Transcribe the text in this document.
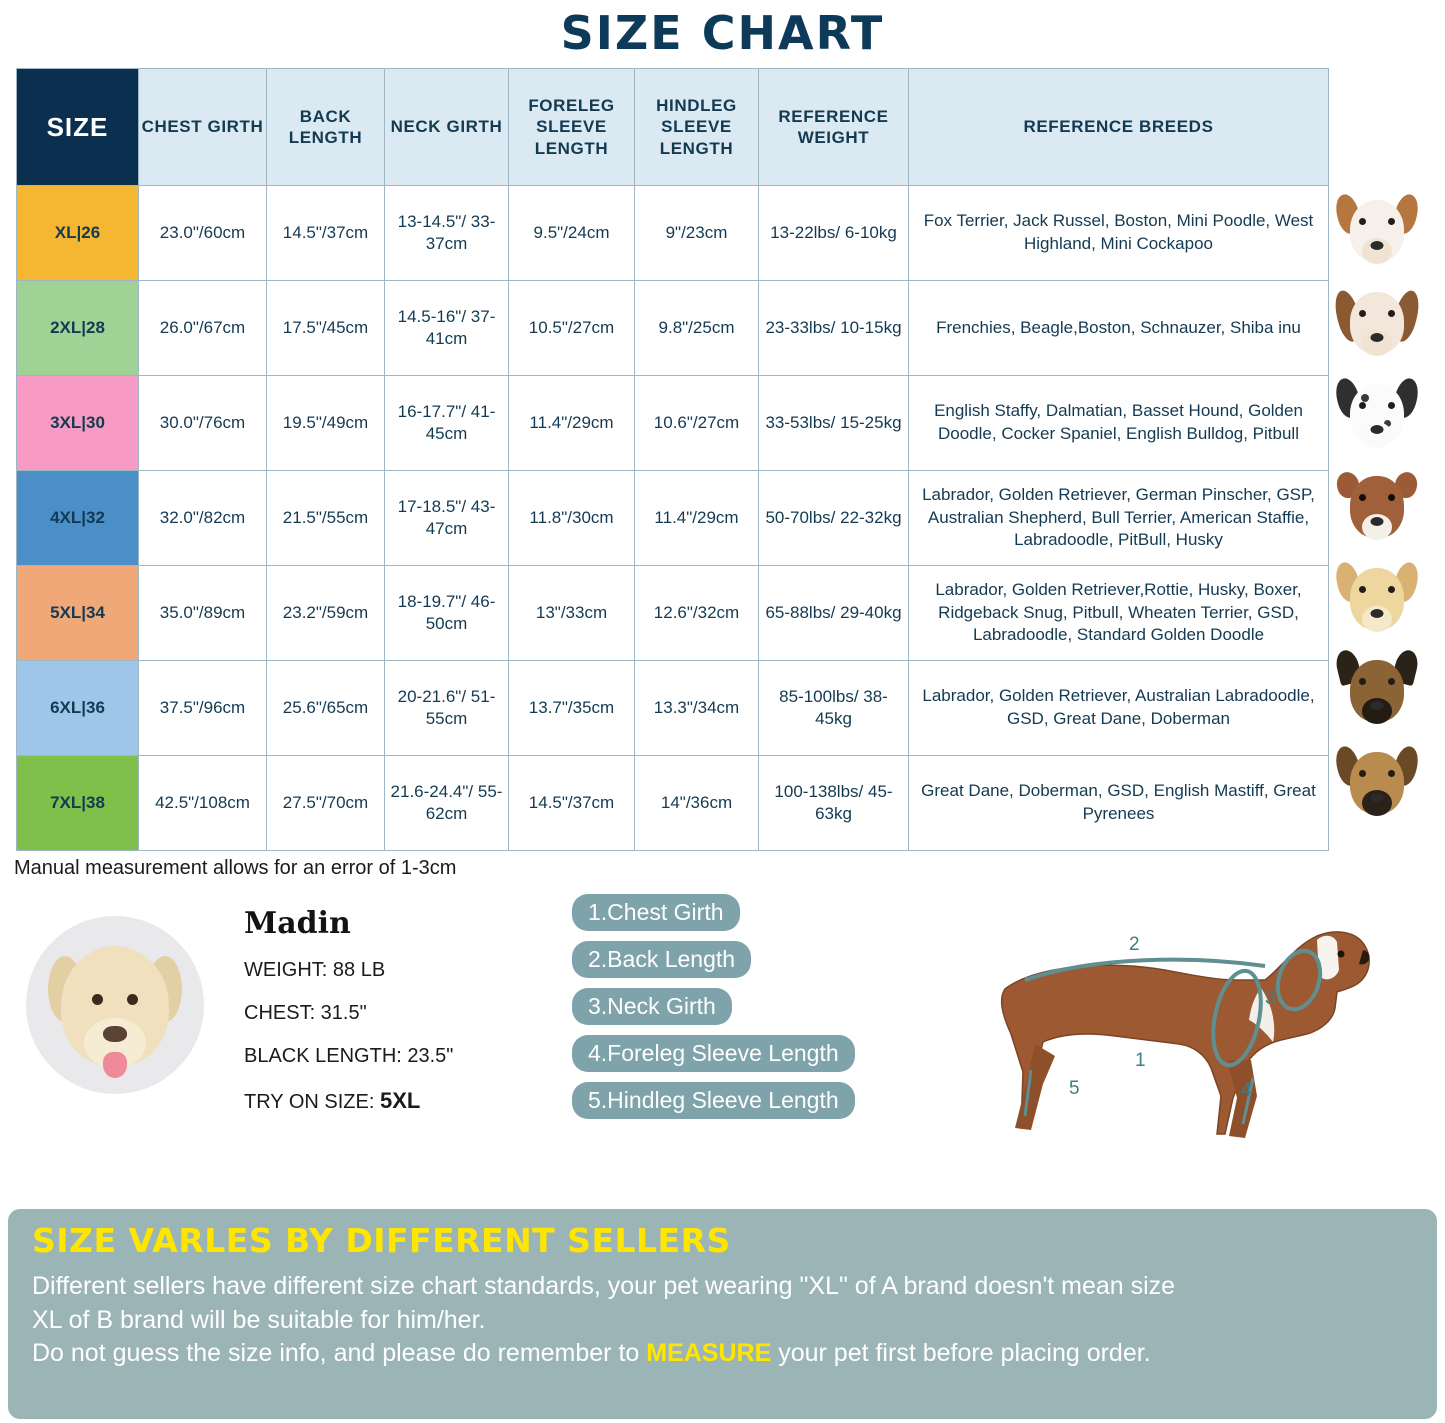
SIZE CHART
SIZE	CHEST GIRTH	BACK LENGTH	NECK GIRTH	FORELEG SLEEVE LENGTH	HINDLEG SLEEVE LENGTH	REFERENCE WEIGHT	REFERENCE BREEDS
XL|26	23.0"/60cm	14.5"/37cm	13-14.5"/ 33-37cm	9.5"/24cm	9"/23cm	13-22lbs/ 6-10kg	Fox Terrier, Jack Russel, Boston, Mini Poodle, West Highland, Mini Cockapoo
2XL|28	26.0"/67cm	17.5"/45cm	14.5-16"/ 37-41cm	10.5"/27cm	9.8"/25cm	23-33lbs/ 10-15kg	Frenchies, Beagle,Boston, Schnauzer, Shiba inu
3XL|30	30.0"/76cm	19.5"/49cm	16-17.7"/ 41-45cm	11.4"/29cm	10.6"/27cm	33-53lbs/ 15-25kg	English Staffy, Dalmatian, Basset Hound, Golden Doodle, Cocker Spaniel, English Bulldog, Pitbull
4XL|32	32.0"/82cm	21.5"/55cm	17-18.5"/ 43-47cm	11.8"/30cm	11.4"/29cm	50-70lbs/ 22-32kg	Labrador, Golden Retriever, German Pinscher, GSP, Australian Shepherd, Bull Terrier, American Staffie, Labradoodle, PitBull, Husky
5XL|34	35.0"/89cm	23.2"/59cm	18-19.7"/ 46-50cm	13"/33cm	12.6"/32cm	65-88lbs/ 29-40kg	Labrador, Golden Retriever,Rottie, Husky, Boxer, Ridgeback Snug, Pitbull, Wheaten Terrier, GSD, Labradoodle, Standard Golden Doodle
6XL|36	37.5"/96cm	25.6"/65cm	20-21.6"/ 51-55cm	13.7"/35cm	13.3"/34cm	85-100lbs/ 38-45kg	Labrador, Golden Retriever, Australian Labradoodle, GSD, Great Dane, Doberman
7XL|38	42.5"/108cm	27.5"/70cm	21.6-24.4"/ 55-62cm	14.5"/37cm	14"/36cm	100-138lbs/ 45-63kg	Great Dane, Doberman, GSD, English Mastiff, Great Pyrenees
Manual measurement allows for an error of 1-3cm
Madin
WEIGHT: 88 LB
CHEST: 31.5"
BLACK LENGTH: 23.5"
TRY ON SIZE: 5XL
1.Chest Girth
2.Back Length
3.Neck Girth
4.Foreleg Sleeve Length
5.Hindleg Sleeve Length
2
3
1
4
5
SIZE VARLES BY DIFFERENT SELLERS
Different sellers have different size chart standards, your pet wearing "XL" of A brand doesn't mean size
XL of B brand will be suitable for him/her.
Do not guess the size info, and please do remember to MEASURE your pet first before placing order.
